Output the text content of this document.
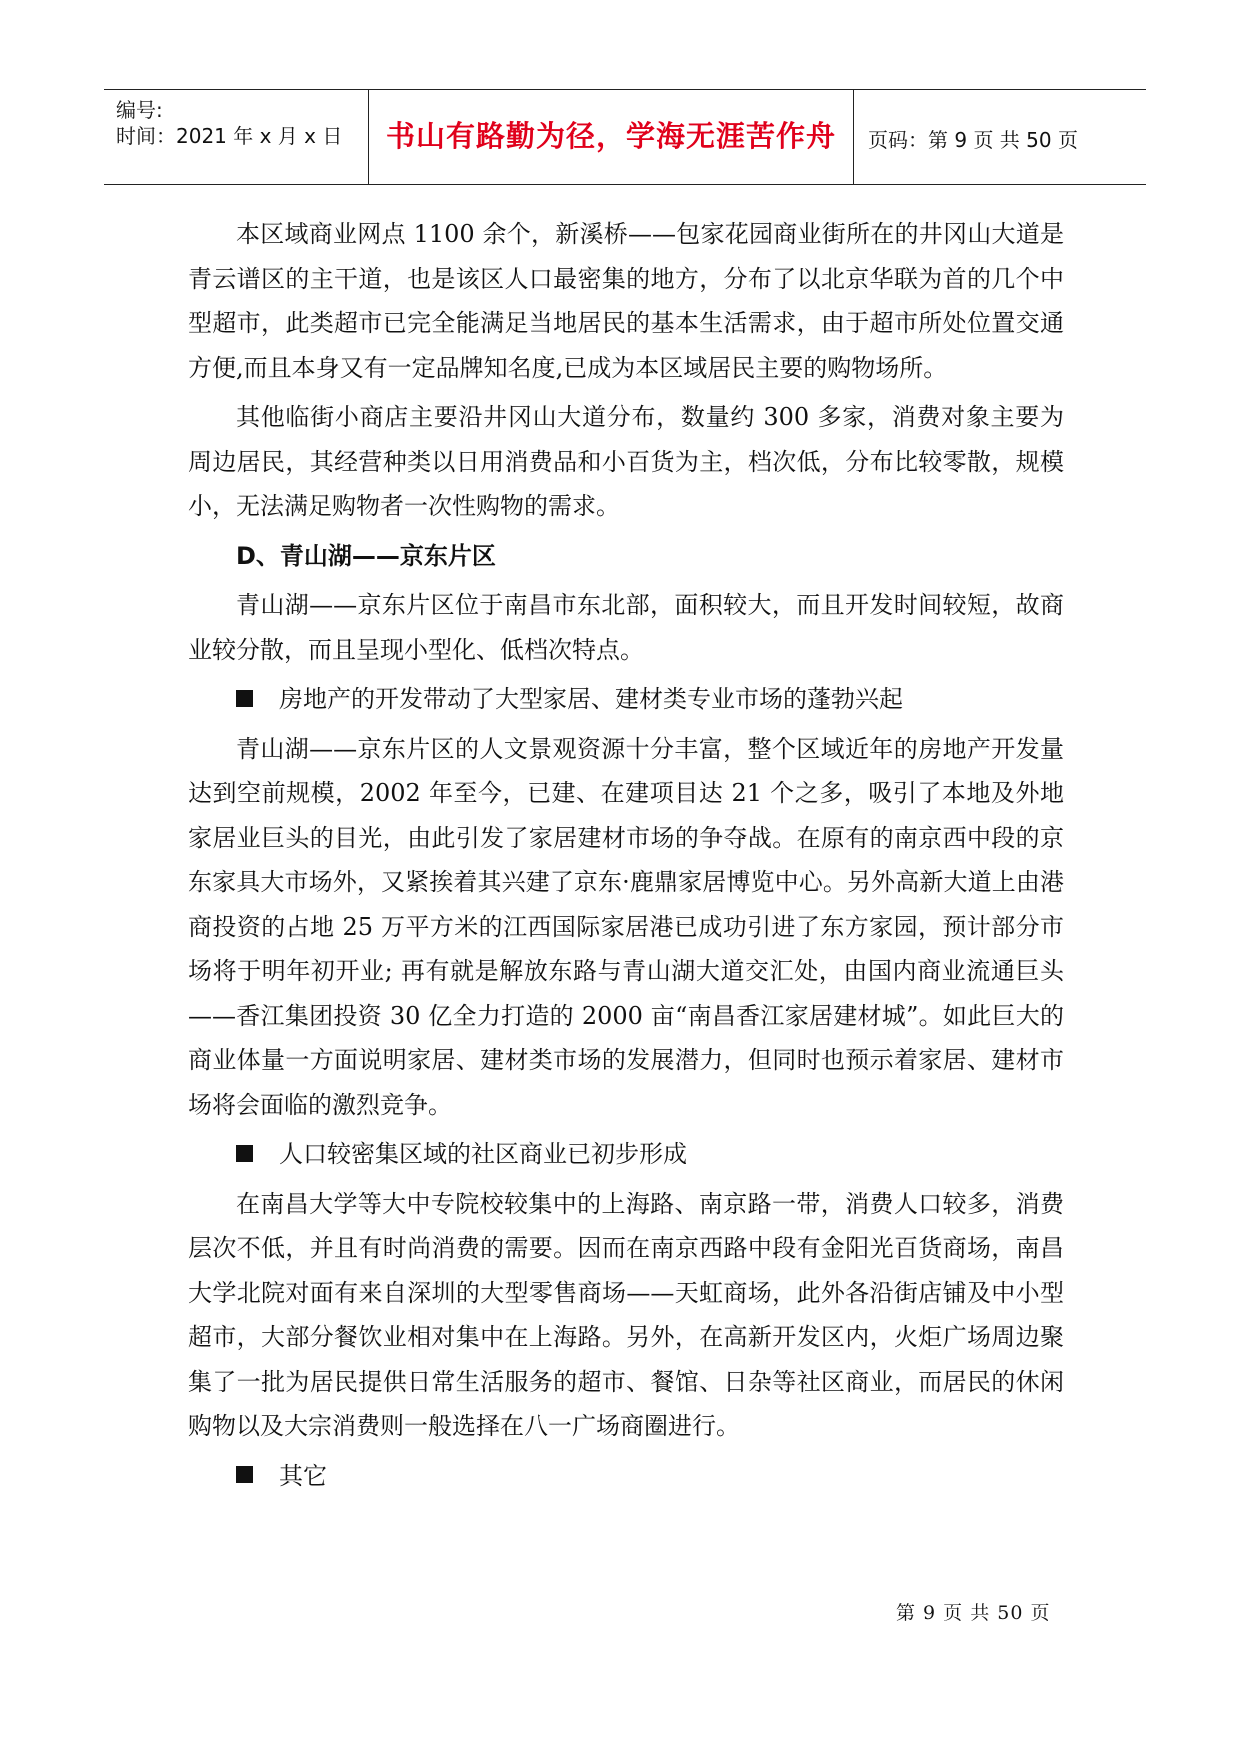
编号:
时间：2021 年 x 月 x 日	书山有路勤为径，学海无涯苦作舟	页码：第 9 页 共 50 页

本区域商业网点 1100 余个，新溪桥——包家花园商业街所在的井冈山大道是青云谱区的主干道，也是该区人口最密集的地方，分布了以北京华联为首的几个中型超市，此类超市已完全能满足当地居民的基本生活需求，由于超市所处位置交通方便,而且本身又有一定品牌知名度,已成为本区域居民主要的购物场所。

其他临街小商店主要沿井冈山大道分布，数量约 300 多家，消费对象主要为周边居民，其经营种类以日用消费品和小百货为主，档次低，分布比较零散，规模小，无法满足购物者一次性购物的需求。

D、青山湖——京东片区

青山湖——京东片区位于南昌市东北部，面积较大，而且开发时间较短，故商业较分散，而且呈现小型化、低档次特点。

房地产的开发带动了大型家居、建材类专业市场的蓬勃兴起

青山湖——京东片区的人文景观资源十分丰富，整个区域近年的房地产开发量达到空前规模，2002 年至今，已建、在建项目达 21 个之多，吸引了本地及外地家居业巨头的目光，由此引发了家居建材市场的争夺战。在原有的南京西中段的京东家具大市场外，又紧挨着其兴建了京东·鹿鼎家居博览中心。另外高新大道上由港商投资的占地 25 万平方米的江西国际家居港已成功引进了东方家园，预计部分市场将于明年初开业; 再有就是解放东路与青山湖大道交汇处，由国内商业流通巨头——香江集团投资 30 亿全力打造的 2000 亩“南昌香江家居建材城”。如此巨大的商业体量一方面说明家居、建材类市场的发展潜力，但同时也预示着家居、建材市场将会面临的激烈竞争。

人口较密集区域的社区商业已初步形成

在南昌大学等大中专院校较集中的上海路、南京路一带，消费人口较多，消费层次不低，并且有时尚消费的需要。因而在南京西路中段有金阳光百货商场，南昌大学北院对面有来自深圳的大型零售商场——天虹商场，此外各沿街店铺及中小型超市，大部分餐饮业相对集中在上海路。另外，在高新开发区内，火炬广场周边聚集了一批为居民提供日常生活服务的超市、餐馆、日杂等社区商业，而居民的休闲购物以及大宗消费则一般选择在八一广场商圈进行。

其它

第 9 页 共 50 页
